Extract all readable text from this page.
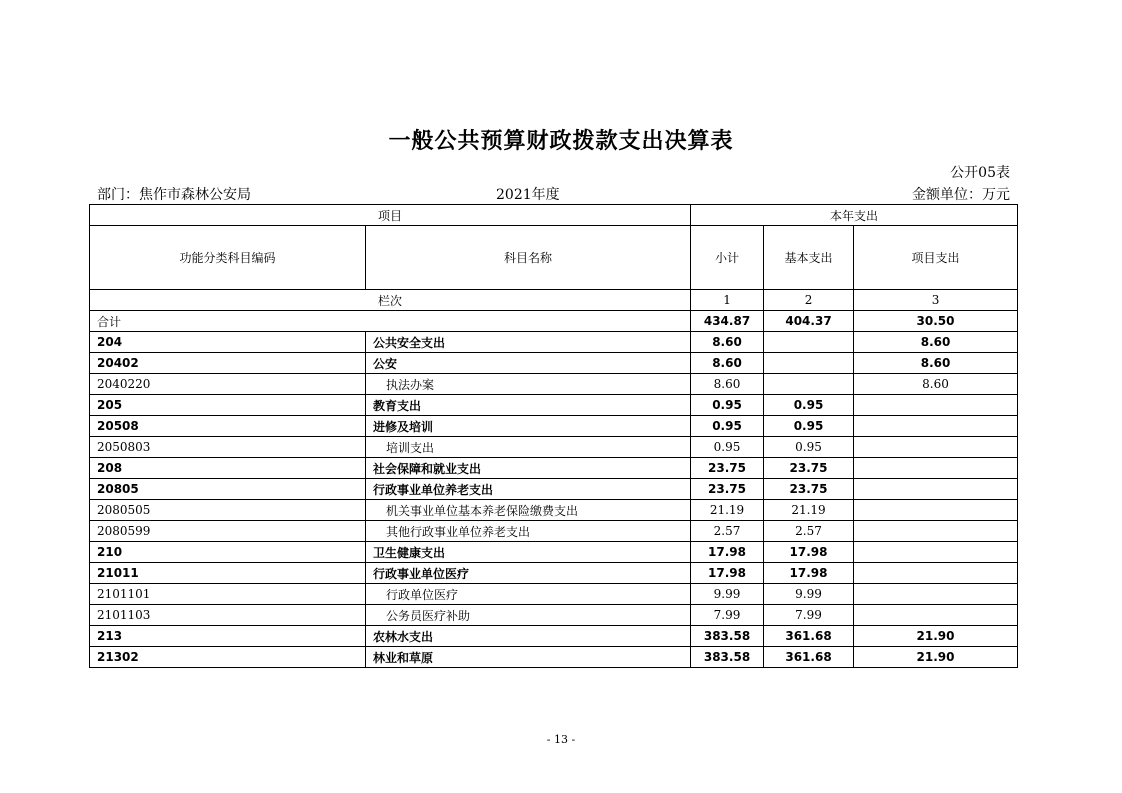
一般公共预算财政拨款支出决算表
公开05表
部门：焦作市森林公安局	2021年度	金额单位：万元
项目		本年支出		
功能分类科目编码	科目名称	小计	基本支出	项目支出
栏次		1	2	3
合计		434.87	404.37	30.50
204	公共安全支出	8.60		8.60
20402	公安	8.60		8.60
2040220	执法办案	8.60		8.60
205	教育支出	0.95	0.95	
20508	进修及培训	0.95	0.95	
2050803	培训支出	0.95	0.95	
208	社会保障和就业支出	23.75	23.75	
20805	行政事业单位养老支出	23.75	23.75	
2080505	机关事业单位基本养老保险缴费支出	21.19	21.19	
2080599	其他行政事业单位养老支出	2.57	2.57	
210	卫生健康支出	17.98	17.98	
21011	行政事业单位医疗	17.98	17.98	
2101101	行政单位医疗	9.99	9.99	
2101103	公务员医疗补助	7.99	7.99	
213	农林水支出	383.58	361.68	21.90
21302	林业和草原	383.58	361.68	21.90
- 13 -
